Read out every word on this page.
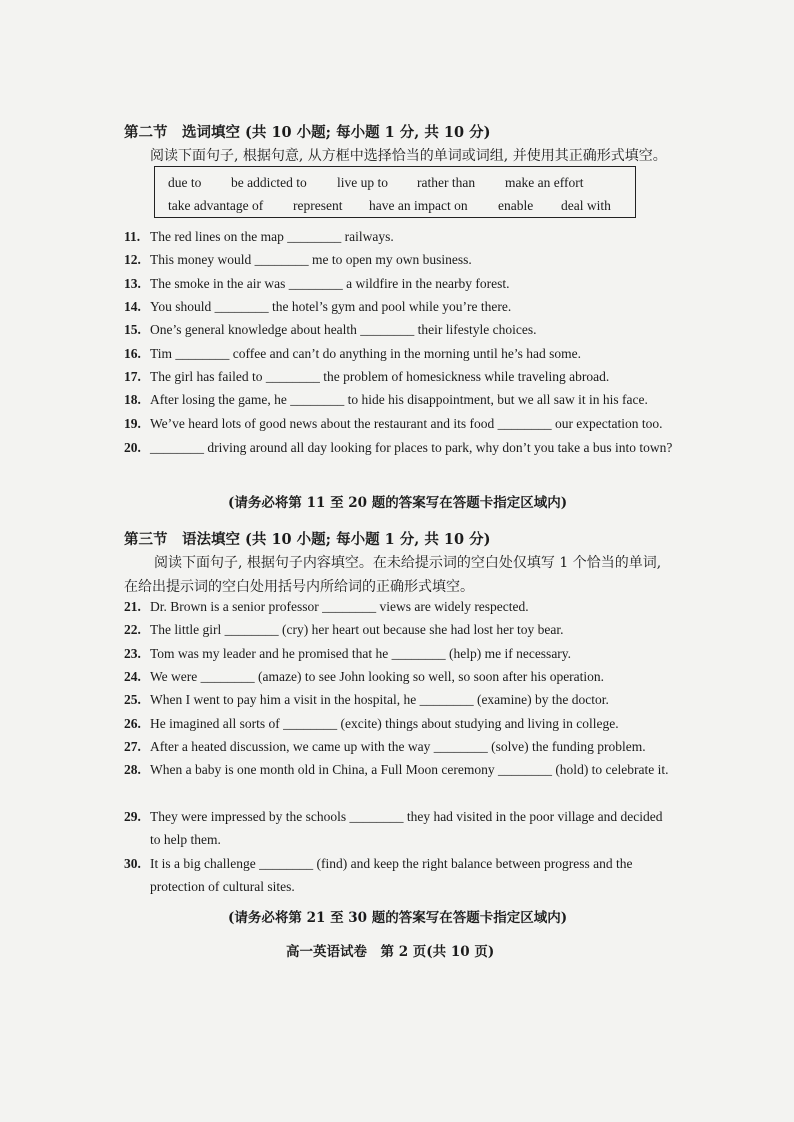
第二节　选词填空 (共 10 小题; 每小题 1 分, 共 10 分)
阅读下面句子, 根据句意, 从方框中选择恰当的单词或词组, 并使用其正确形式填空。
due to be addicted to live up to rather than make an effort
take advantage of represent have an impact on enable deal with
11. The red lines on the map ________ railways.
12. This money would ________ me to open my own business.
13. The smoke in the air was ________ a wildfire in the nearby forest.
14. You should ________ the hotel’s gym and pool while you’re there.
15. One’s general knowledge about health ________ their lifestyle choices.
16. Tim ________ coffee and can’t do anything in the morning until he’s had some.
17. The girl has failed to ________ the problem of homesickness while traveling abroad.
18. After losing the game, he ________ to hide his disappointment, but we all saw it in his face.
19. We’ve heard lots of good news about the restaurant and its food ________ our expectation too.
20. ________ driving around all day looking for places to park, why don’t you take a bus into town?
(请务必将第 11 至 20 题的答案写在答题卡指定区域内)
第三节　语法填空 (共 10 小题; 每小题 1 分, 共 10 分)
阅读下面句子, 根据句子内容填空。在未给提示词的空白处仅填写 1 个恰当的单词,
在给出提示词的空白处用括号内所给词的正确形式填空。
21. Dr. Brown is a senior professor ________ views are widely respected.
22. The little girl ________ (cry) her heart out because she had lost her toy bear.
23. Tom was my leader and he promised that he ________ (help) me if necessary.
24. We were ________ (amaze) to see John looking so well, so soon after his operation.
25. When I went to pay him a visit in the hospital, he ________ (examine) by the doctor.
26. He imagined all sorts of ________ (excite) things about studying and living in college.
27. After a heated discussion, we came up with the way ________ (solve) the funding problem.
28. When a baby is one month old in China, a Full Moon ceremony ________ (hold) to celebrate it.
29. They were impressed by the schools ________ they had visited in the poor village and decided to help them.
30. It is a big challenge ________ (find) and keep the right balance between progress and the protection of cultural sites.
(请务必将第 21 至 30 题的答案写在答题卡指定区域内)
高一英语试卷　第 2 页(共 10 页)
